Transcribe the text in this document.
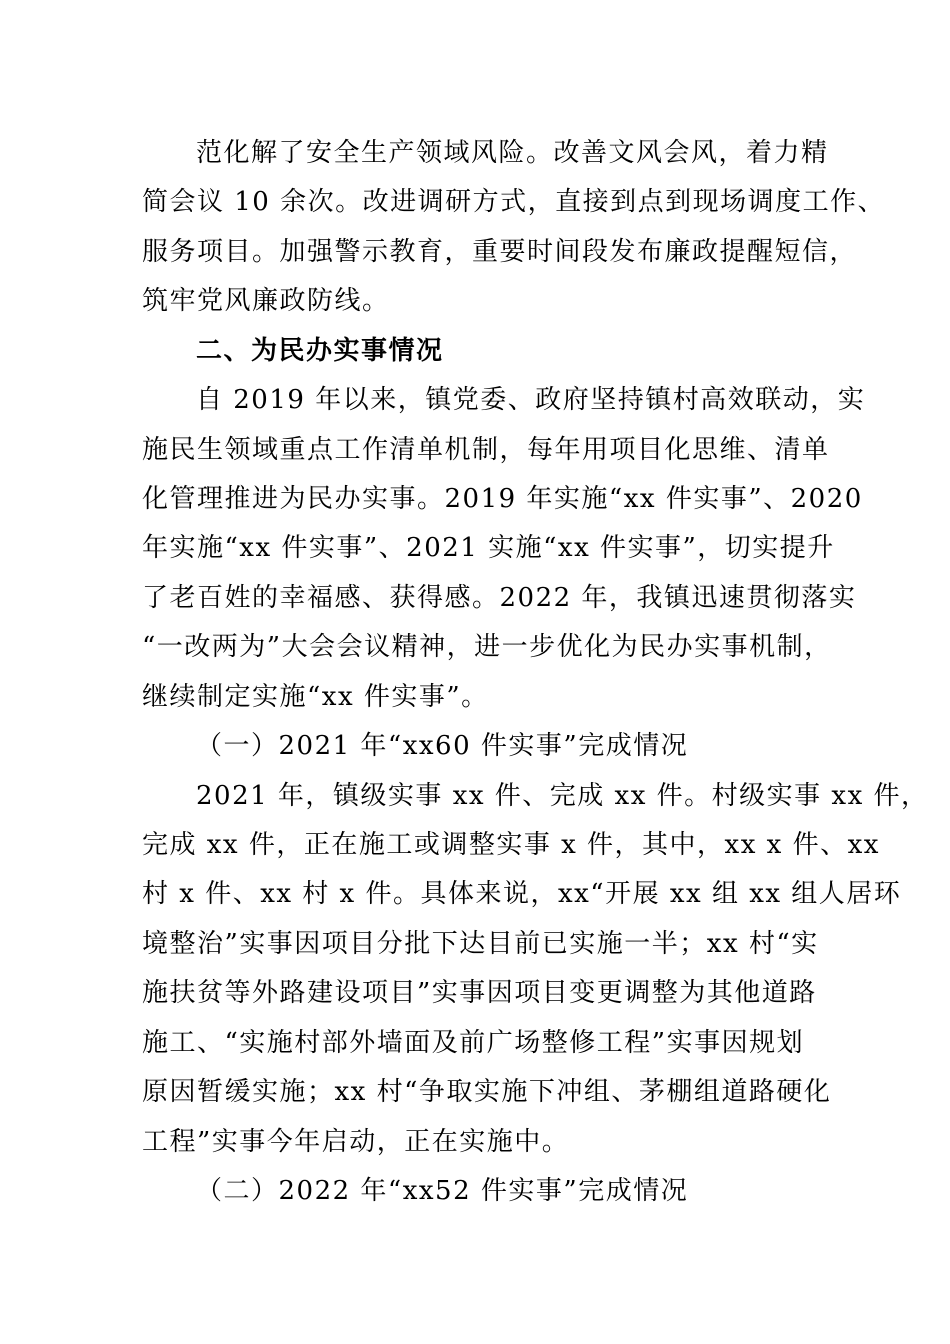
范化解了安全生产领域风险。改善文风会风，着力精
简会议 10 余次。改进调研方式，直接到点到现场调度工作、
服务项目。加强警示教育，重要时间段发布廉政提醒短信，
筑牢党风廉政防线。
二、为民办实事情况
自 2019 年以来，镇党委、政府坚持镇村高效联动，实
施民生领域重点工作清单机制，每年用项目化思维、清单
化管理推进为民办实事。2019 年实施“xx 件实事”、2020
年实施“xx 件实事”、2021 实施“xx 件实事”，切实提升
了老百姓的幸福感、获得感。2022 年，我镇迅速贯彻落实
“一改两为”大会会议精神，进一步优化为民办实事机制，
继续制定实施“xx 件实事”。
（一）2021 年“xx60 件实事”完成情况
2021 年，镇级实事 xx 件、完成 xx 件。村级实事 xx 件，
完成 xx 件，正在施工或调整实事 x 件，其中，xx x 件、xx
村 x 件、xx 村 x 件。具体来说，xx“开展 xx 组 xx 组人居环
境整治”实事因项目分批下达目前已实施一半；xx 村“实
施扶贫等外路建设项目”实事因项目变更调整为其他道路
施工、“实施村部外墙面及前广场整修工程”实事因规划
原因暂缓实施；xx 村“争取实施下冲组、茅棚组道路硬化
工程”实事今年启动，正在实施中。
（二）2022 年“xx52 件实事”完成情况
